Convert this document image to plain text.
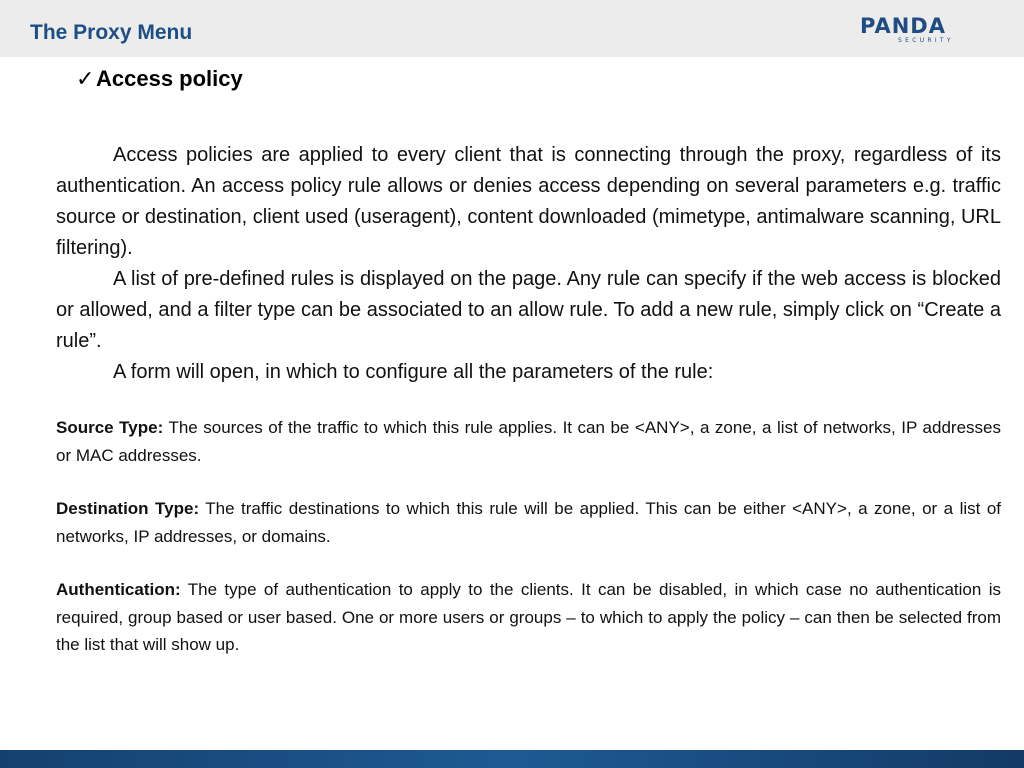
The Proxy Menu	PANDA
SECURITY
✓Access policy

Access policies are applied to every client that is connecting through the proxy, regardless of its authentication. An access policy rule allows or denies access depending on several parameters e.g. traffic source or destination, client used (useragent), content downloaded (mimetype, antimalware scanning, URL filtering).

A list of pre-defined rules is displayed on the page. Any rule can specify if the web access is blocked or allowed, and a filter type can be associated to an allow rule. To add a new rule, simply click on “Create a rule”.

A form will open, in which to configure all the parameters of the rule:

Source Type: The sources of the traffic to which this rule applies. It can be <ANY>, a zone, a list of networks, IP addresses or MAC addresses.

Destination Type: The traffic destinations to which this rule will be applied. This can be either <ANY>, a zone, or a list of networks, IP addresses, or domains.

Authentication: The type of authentication to apply to the clients. It can be disabled, in which case no authentication is required, group based or user based. One or more users or groups – to which to apply the policy – can then be selected from the list that will show up.
